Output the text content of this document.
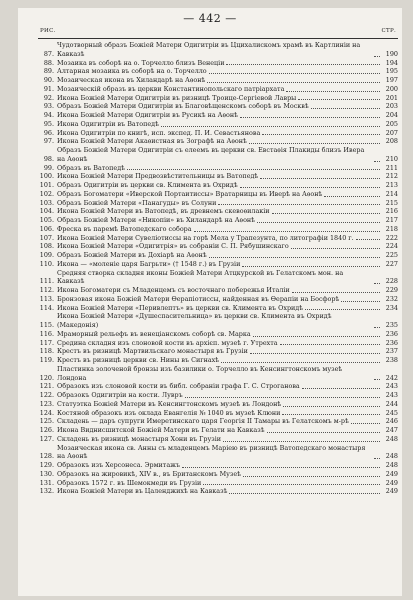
— 442 —
РИС.	СТР.
87.
Чудотворный образъ Божіей Матери Одигитріи въ Ццихалискомъ храмѣ въ Картлиніи на Кавказѣ	190
88. Мозаика въ соборѣ на о. Торчелло близъ Венеціи	194
89. Алтарная мозаика въ соборѣ на о. Торчелло	195
90. Мозаическая икона въ Хиландарѣ на Аѳонѣ	197
91. Мозаическій образъ въ церкви Константинопольскаго патріархата	200
92. Икона Божіей Матери Одигитріи въ ризницѣ Троице-Сергіевой Лавры	201
93. Образъ Божіей Матери Одигитріи въ Благовѣщенскомъ соборѣ въ Москвѣ	203
94. Икона Божіей Матери Одигитріи въ Русикѣ на Аѳонѣ	204
95. Икона Одигитріи въ Ватопедѣ	205
96. Икона Одигитріи по книгѣ, исп. экспед. П. И. Севастьянова	207
97. Икона Божіей Матери Акаѳистная въ Зографѣ на Аѳонѣ	208
98.
Образъ Божіей Матери Одигитріи съ елеемъ въ церкви св. Евстаѳія Плакиды близъ Ивера на Аѳонѣ	210
99. Образъ въ Ватопедѣ	211
100. Икона Божіей Матери Предвозвѣстительницы въ Ватопедѣ	212
101. Образъ Одигитріи въ церкви св. Климента въ Охридѣ	213
102. Образъ Богоматери «Иверской Портаитиссы» Вратарницы въ Иверѣ на Аѳонѣ	214
103. Образъ Божіей Матери «Панагуды» въ Солуни	215
104. Икона Божіей Матери въ Ватопедѣ, въ древнемъ скевоѳилакіи	216
105. Образъ Божіей Матери «Никопіи» въ Хиландарѣ на Аѳонѣ	217
106. Фреска въ паремѣ Ватопедскаго собора	218
107. Икона Божіей Матери Сувеліотиссы на горѣ Мела у Трапезунта, по литографіи 1840 г.	222
108. Икона Божіей Матери «Одигитрія» въ собраніи С. П. Рябушинскаго	224
109. Образъ Божіей Матери въ Дохіарѣ на Аѳонѣ	225
110. Икона — «моленіе царя Багрьти» († 1548 г.) въ Грузіи	227
111.
Средняя створка складня иконы Божіей Матери Атцкурской въ Гелатскомъ мон. на Кавказѣ	228
112. Икона Богоматери съ Младенцемъ съ восточнаго побережья Италіи	229
113. Бронзовая икона Божіей Матери Ѳерапіотиссы, найденная въ Ѳерапіи на Босфорѣ	232
114. Икона Божіей Матери «Перивлептъ» въ церкви св. Климента въ Охридѣ	234
115.
Икона Божіей Матери «Душеспасительница» въ церкви св. Климента въ Охридѣ (Македонія)	235
116. Мраморный рельефъ въ венеціанскомъ соборѣ св. Марка	236
117. Средина складня изъ слоновой кости въ архієп. музеѣ г. Утрехта	236
118. Крестъ въ ризницѣ Мартвильскаго монастыря въ Грузіи	237
119. Крестъ въ ризницѣ церкви св. Нины въ Сигнахѣ	238
120.
Пластинка золоченой бронзы изъ базилики о. Торчелло въ Кенсингтонскомъ музеѣ Лондона	242
121. Образокъ изъ слоновой кости въ библ. собраніи графа Г. С. Строганова	243
122. Образокъ Одигитріи на кости. Лувръ	243
123. Статуэтка Божіей Матери въ Кенсингтонскомъ музеѣ въ Лондонѣ	244
124. Костяной образокъ изъ оклада Евангелія № 1040 въ музеѣ Клюни	245
125. Складень — даръ супруги Имеретинскаго царя Георгія II Тамары въ Гелатскомъ м-рѣ	246
126. Икона Виднисшитской Божіей Матери въ Гелати на Кавказѣ	247
127. Складень въ ризницѣ монастыря Хони въ Грузіи	248
128.
Мозаическая икона св. Анны съ младенцемъ Маріею въ ризницѣ Ватопедскаго монастыря на Аѳонѣ	248
129. Образокъ изъ Херсонеса. Эрмитажъ	248
130. Образокъ на жировикѣ, XIV в., въ Британскомъ Музеѣ	249
131. Образокъ 1572 г. въ Шемокмеди въ Грузіи	249
132. Икона Божіей Матери въ Цаленджихѣ на Кавказѣ	249
